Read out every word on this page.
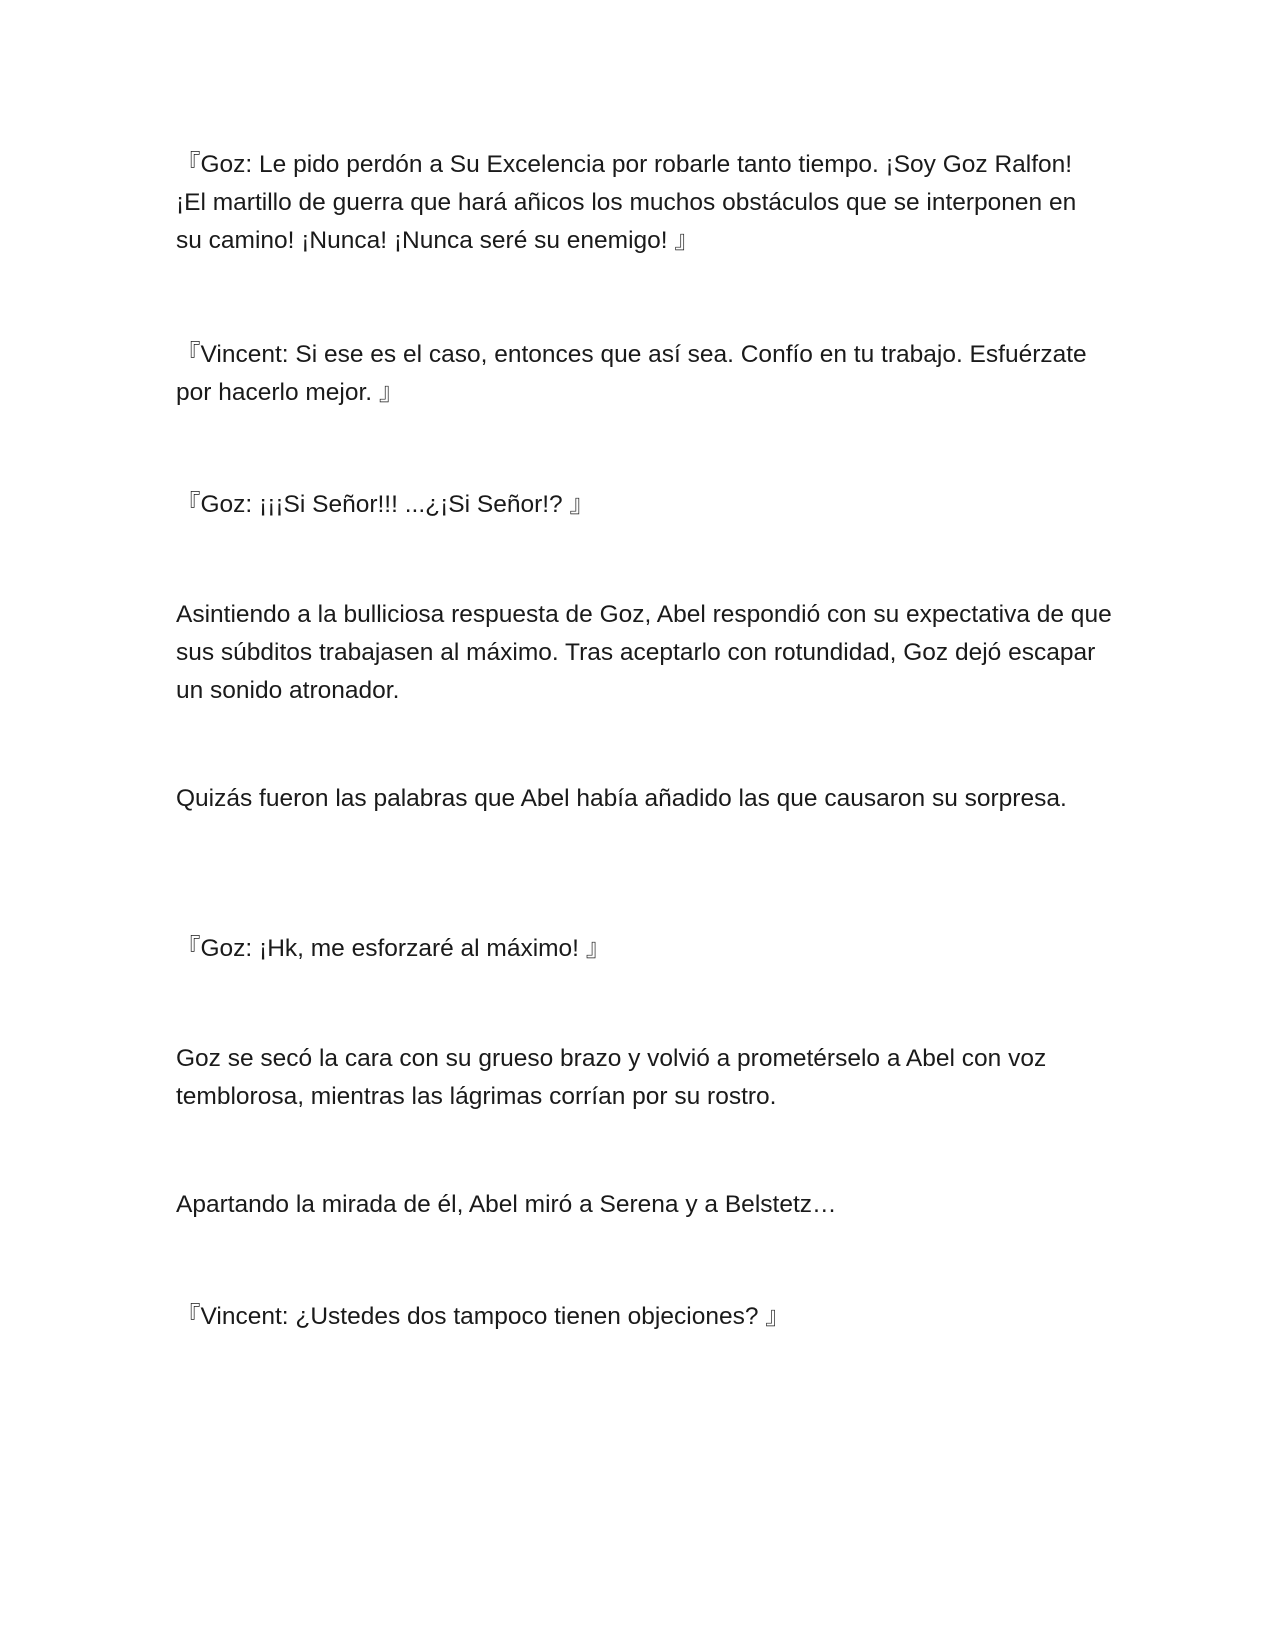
『Goz: Le pido perdón a Su Excelencia por robarle tanto tiempo. ¡Soy Goz Ralfon! ¡El martillo de guerra que hará añicos los muchos obstáculos que se interponen en su camino! ¡Nunca! ¡Nunca seré su enemigo! 』

『Vincent: Si ese es el caso, entonces que así sea. Confío en tu trabajo. Esfuérzate por hacerlo mejor. 』

『Goz: ¡¡¡Si Señor!!! ...¿¡Si Señor!? 』

Asintiendo a la bulliciosa respuesta de Goz, Abel respondió con su expectativa de que sus súbditos trabajasen al máximo. Tras aceptarlo con rotundidad, Goz dejó escapar un sonido atronador.

Quizás fueron las palabras que Abel había añadido las que causaron su sorpresa.

『Goz: ¡Hk, me esforzaré al máximo! 』

Goz se secó la cara con su grueso brazo y volvió a prometérselo a Abel con voz temblorosa, mientras las lágrimas corrían por su rostro.

Apartando la mirada de él, Abel miró a Serena y a Belstetz…

『Vincent: ¿Ustedes dos tampoco tienen objeciones? 』
